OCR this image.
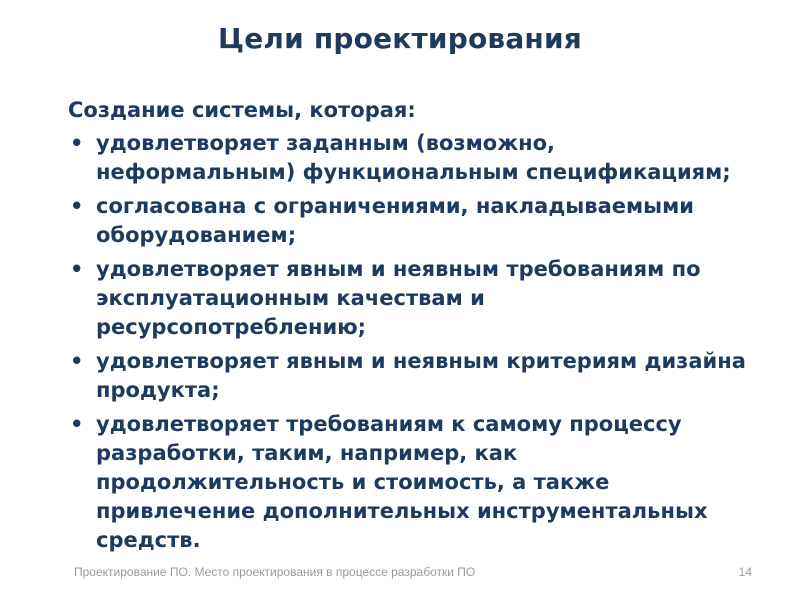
Цели проектирования
Создание системы, которая:
• удовлетворяет заданным (возможно, неформальным) функциональным спецификациям;
• согласована с ограничениями, накладываемыми оборудованием;
• удовлетворяет явным и неявным требованиям по эксплуатационным качествам и ресурсопотреблению;
• удовлетворяет явным и неявным критериям дизайна продукта;
• удовлетворяет требованиям к самому процессу разработки, таким, например, как продолжительность и стоимость, а также привлечение дополнительных инструментальных средств.
Проектирование ПО. Место проектирования в процессе разработки ПО	14
